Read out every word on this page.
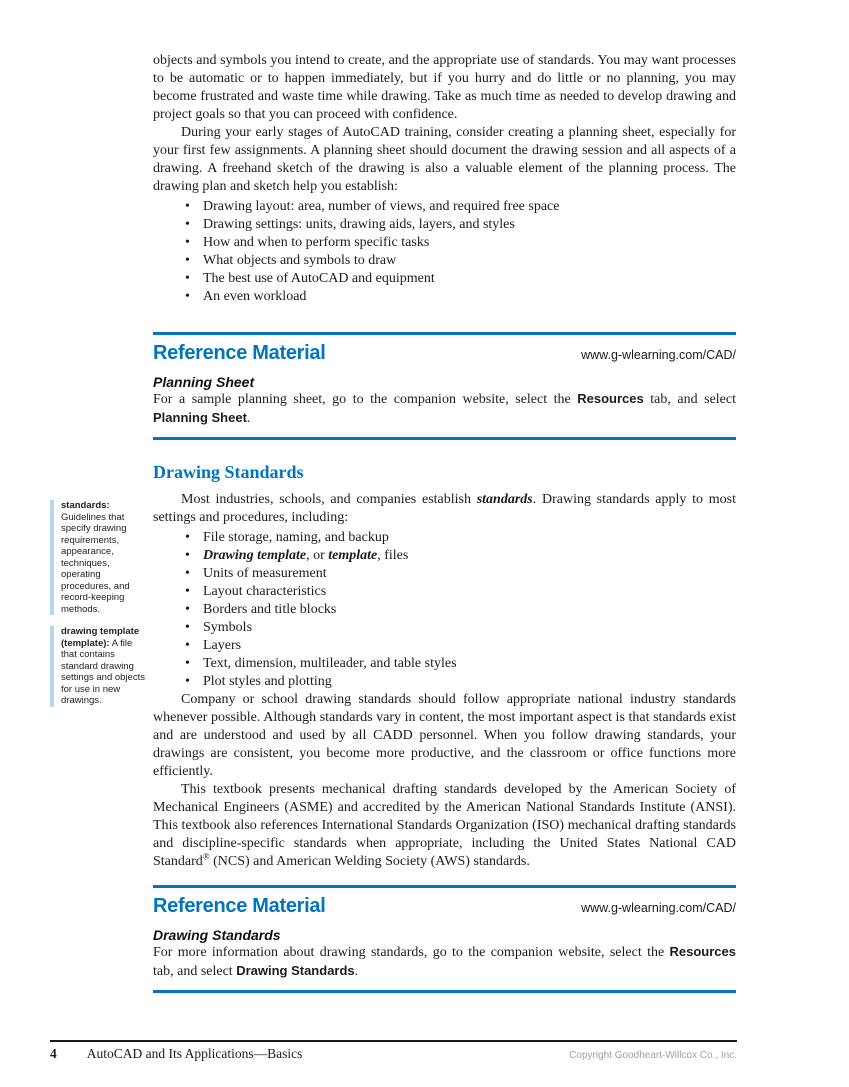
objects and symbols you intend to create, and the appropriate use of standards. You may want processes to be automatic or to happen immediately, but if you hurry and do little or no planning, you may become frustrated and waste time while drawing. Take as much time as needed to develop drawing and project goals so that you can proceed with confidence.

During your early stages of AutoCAD training, consider creating a planning sheet, especially for your first few assignments. A planning sheet should document the drawing session and all aspects of a drawing. A freehand sketch of the drawing is also a valuable element of the planning process. The drawing plan and sketch help you establish:

• Drawing layout: area, number of views, and required free space
• Drawing settings: units, drawing aids, layers, and styles
• How and when to perform specific tasks
• What objects and symbols to draw
• The best use of AutoCAD and equipment
• An even workload
Reference Material	www.g-wlearning.com/CAD/
Planning Sheet

For a sample planning sheet, go to the companion website, select the Resources tab, and select Planning Sheet.

Drawing Standards

Most industries, schools, and companies establish standards. Drawing standards apply to most settings and procedures, including:

• File storage, naming, and backup
• Drawing template, or template, files
• Units of measurement
• Layout characteristics
• Borders and title blocks
• Symbols
• Layers
• Text, dimension, multileader, and table styles
• Plot styles and plotting

Company or school drawing standards should follow appropriate national industry standards whenever possible. Although standards vary in content, the most important aspect is that standards exist and are understood and used by all CADD personnel. When you follow drawing standards, your drawings are consistent, you become more productive, and the classroom or office functions more efficiently.

This textbook presents mechanical drafting standards developed by the American Society of Mechanical Engineers (ASME) and accredited by the American National Standards Institute (ANSI). This textbook also references International Standards Organization (ISO) mechanical drafting standards and discipline-specific standards when appropriate, including the United States National CAD Standard® (NCS) and American Welding Society (AWS) standards.

Reference Material	www.g-wlearning.com/CAD/
Drawing Standards

For more information about drawing standards, go to the companion website, select the Resources tab, and select Drawing Standards.

standards: Guidelines that specify drawing requirements, appearance, techniques, operating procedures, and record-keeping methods.
drawing template (template): A file that contains standard drawing settings and objects for use in new drawings.
4 AutoCAD and Its Applications—Basics	Copyright Goodheart-Willcox Co., Inc.
